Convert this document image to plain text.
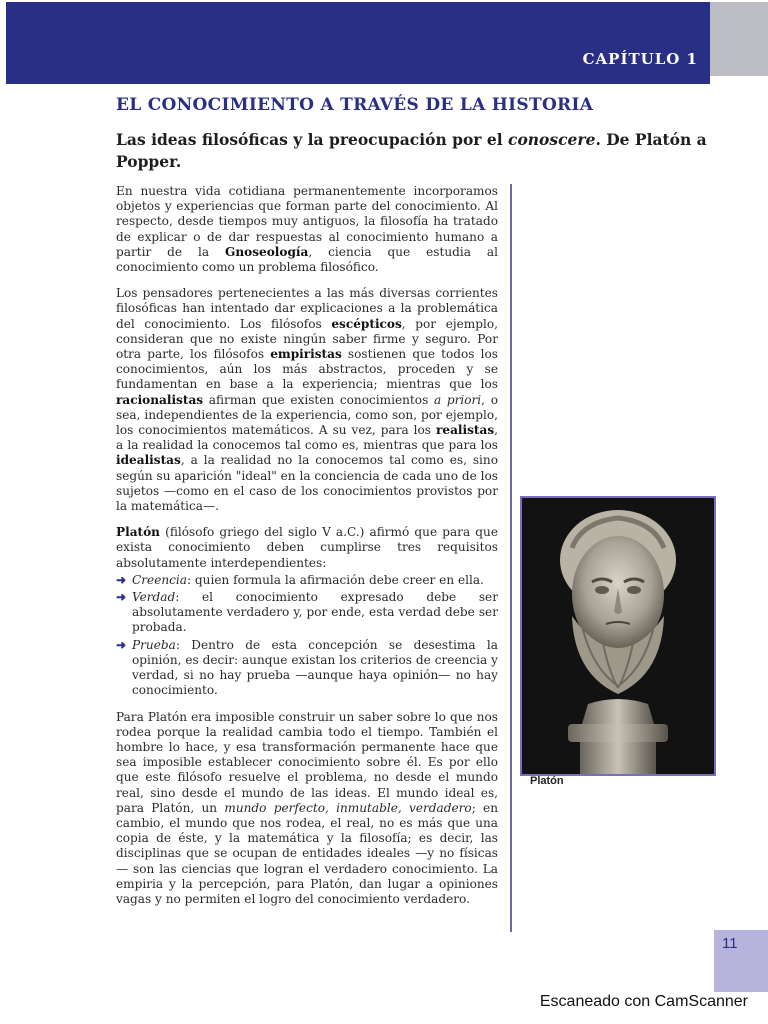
CAPÍTULO 1
EL CONOCIMIENTO A TRAVÉS DE LA HISTORIA
Las ideas filosóficas y la preocupación por el conoscere. De Platón a Popper.

En nuestra vida cotidiana permanentemente incorporamos objetos y experiencias que forman parte del conocimiento. Al respecto, desde tiempos muy antiguos, la filosofía ha tratado de explicar o de dar respuestas al conocimiento humano a partir de la Gnoseología, ciencia que estudia al conocimiento como un problema filosófico.

Los pensadores pertenecientes a las más diversas corrientes filosóficas han intentado dar explicaciones a la problemática del conocimiento. Los filósofos escépticos, por ejemplo, consideran que no existe ningún saber firme y seguro. Por otra parte, los filósofos empiristas sostienen que todos los conocimientos, aún los más abstractos, proceden y se fundamentan en base a la experiencia; mientras que los racionalistas afirman que existen conocimientos a priori, o sea, independientes de la experiencia, como son, por ejemplo, los conocimientos matemáticos. A su vez, para los realistas, a la realidad la conocemos tal como es, mientras que para los idealistas, a la realidad no la conocemos tal como es, sino según su aparición "ideal" en la conciencia de cada uno de los sujetos —como en el caso de los conocimientos provistos por la matemática—.

Platón (filósofo griego del siglo V a.C.) afirmó que para que exista conocimiento deben cumplirse tres requisitos absolutamente interdependientes:

➜ Creencia: quien formula la afirmación debe creer en ella.
➜ Verdad: el conocimiento expresado debe ser absolutamente verdadero y, por ende, esta verdad debe ser probada.
➜ Prueba: Dentro de esta concepción se desestima la opinión, es decir: aunque existan los criterios de creencia y verdad, si no hay prueba —aunque haya opinión— no hay conocimiento.

Para Platón era imposible construir un saber sobre lo que nos rodea porque la realidad cambia todo el tiempo. También el hombre lo hace, y esa transformación permanente hace que sea imposible establecer conocimiento sobre él. Es por ello que este filósofo resuelve el problema, no desde el mundo real, sino desde el mundo de las ideas. El mundo ideal es, para Platón, un mundo perfecto, inmutable, verdadero; en cambio, el mundo que nos rodea, el real, no es más que una copia de éste, y la matemática y la filosofía; es decir, las disciplinas que se ocupan de entidades ideales —y no físicas— son las ciencias que logran el verdadero conocimiento. La empiria y la percepción, para Platón, dan lugar a opiniones vagas y no permiten el logro del conocimiento verdadero.

Platón
11
Escaneado con CamScanner
